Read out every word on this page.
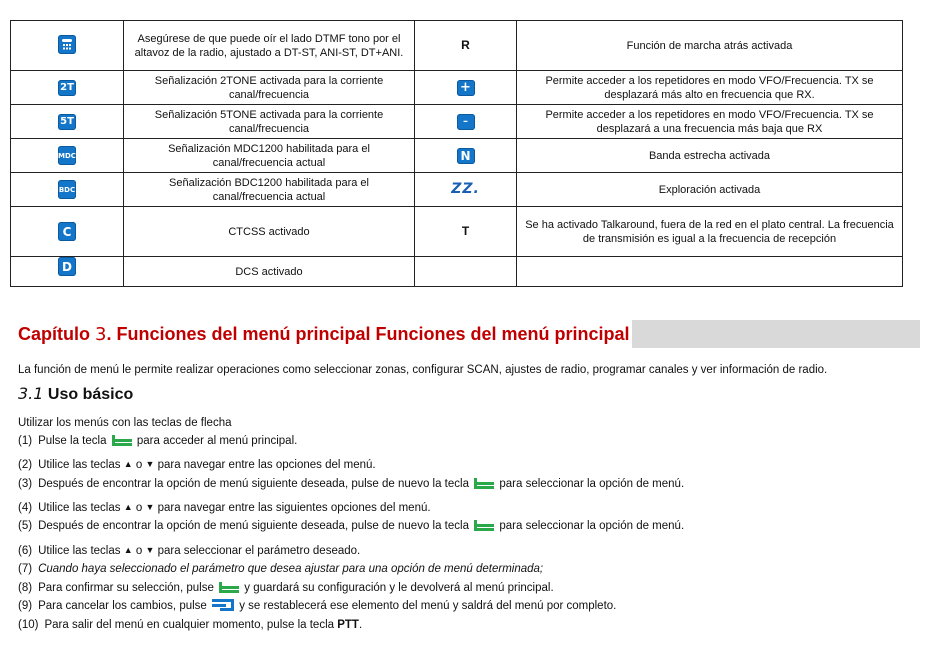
	Asegúrese de que puede oír el lado DTMF tono por el altavoz de la radio, ajustado a DT-ST, ANI-ST, DT+ANI.	R	Función de marcha atrás activada
2T	Señalización 2TONE activada para la corriente canal/frecuencia	+	Permite acceder a los repetidores en modo VFO/Frecuencia. TX se desplazará más alto en frecuencia que RX.
5T	Señalización 5TONE activada para la corriente canal/frecuencia	–	Permite acceder a los repetidores en modo VFO/Frecuencia. TX se desplazará a una frecuencia más baja que RX
MDC	Señalización MDC1200 habilitada para el canal/frecuencia actual	N	Banda estrecha activada
BDC	Señalización BDC1200 habilitada para el canal/frecuencia actual	ZZ.	Exploración activada
C	CTCSS activado	T	Se ha activado Talkaround, fuera de la red en el plato central. La frecuencia de transmisión es igual a la frecuencia de recepción
D	DCS activado		
Capítulo 3. Funciones del menú principal Funciones del menú principal
La función de menú le permite realizar operaciones como seleccionar zonas, configurar SCAN, ajustes de radio, programar canales y ver información de radio.
3.1 Uso básico
Utilizar los menús con las teclas de flecha
(1) Pulse la tecla	para acceder al menú principal.
(2) Utilice las teclas ▲ o ▼ para navegar entre las opciones del menú.
(3) Después de encontrar la opción de menú siguiente deseada, pulse de nuevo la tecla	para seleccionar la opción de menú.
(4) Utilice las teclas ▲ o ▼ para navegar entre las siguientes opciones del menú.
(5) Después de encontrar la opción de menú siguiente deseada, pulse de nuevo la tecla	para seleccionar la opción de menú.
(6) Utilice las teclas ▲ o ▼ para seleccionar el parámetro deseado.
(7) Cuando haya seleccionado el parámetro que desea ajustar para una opción de menú determinada;
(8) Para confirmar su selección, pulse	y guardará su configuración y le devolverá al menú principal.
(9) Para cancelar los cambios, pulse	y se restablecerá ese elemento del menú y saldrá del menú por completo.
(10) Para salir del menú en cualquier momento, pulse la tecla PTT.
